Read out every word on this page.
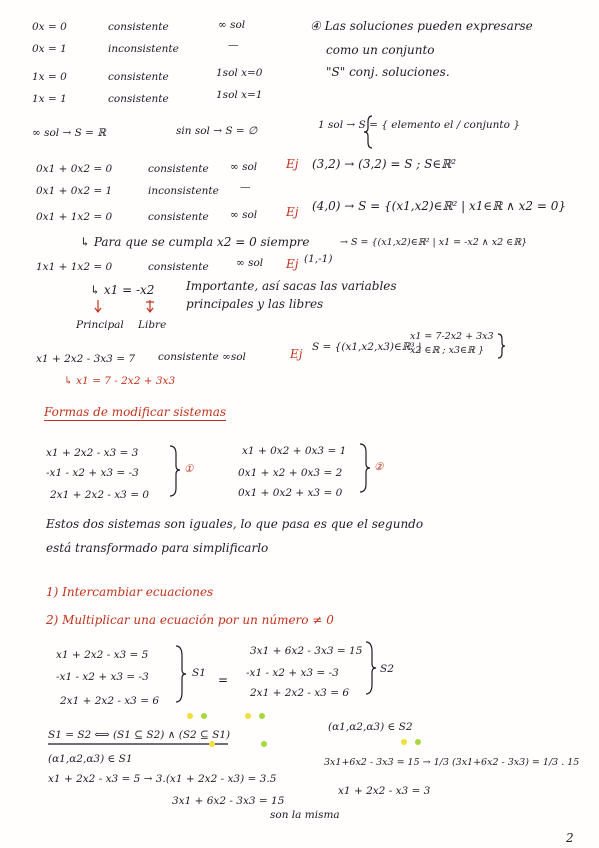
0x = 0	consistente	∞ sol
0x = 1	inconsistente	—
1x = 0	consistente	1sol x=0
1x = 1	consistente	1sol x=1
④ Las soluciones pueden expresarse
como un conjunto
"S" conj. soluciones.
∞ sol → S = ℝ	sin sol → S = ∅	1 sol → S = { elemento el / conjunto }
0x1 + 0x2 = 0	consistente ∞ sol Ej (3,2) → (3,2) = S ; S∈ℝ²
0x1 + 0x2 = 1	inconsistente —
0x1 + 1x2 = 0	consistente ∞ sol Ej (4,0) → S = {(x1,x2)∈ℝ² | x1∈ℝ ∧ x2 = 0}
↳ Para que se cumpla x2 = 0 siempre
1x1 + 1x2 = 0	consistente	∞ sol Ej (1,-1)
→ S = {(x1,x2)∈ℝ² | x1 = -x2 ∧ x2 ∈ℝ}
↳ x1 = -x2	Importante, así sacas las variables
principales y las libres
Principal Libre
x1 + 2x2 - 3x3 = 7 consistente ∞sol	Ej S = {(x1,x2,x3)∈ℝ³ |
x1 = 7-2x2 + 3x3
x2 ∈ℝ ; x3∈ℝ }
↳ x1 = 7 - 2x2 + 3x3
Formas de modificar sistemas
x1 + 2x2 - x3 = 3
-x1 - x2 + x3 = -3
2x1 + 2x2 - x3 = 0
①
x1 + 0x2 + 0x3 = 1
0x1 + x2 + 0x3 = 2
0x1 + 0x2 + x3 = 0
②
Estos dos sistemas son iguales, lo que pasa es que el segundo
está transformado para simplificarlo
1) Intercambiar ecuaciones
2) Multiplicar una ecuación por un número ≠ 0
x1 + 2x2 - x3 = 5
-x1 - x2 + x3 = -3
2x1 + 2x2 - x3 = 6
S1 =
3x1 + 6x2 - 3x3 = 15
-x1 - x2 + x3 = -3
2x1 + 2x2 - x3 = 6
S2
S1 = S2 ⟺ (S1 ⊆ S2) ∧ (S2 ⊆ S1)
(α1,α2,α3) ∈ S1
(α1,α2,α3) ∈ S2
x1 + 2x2 - x3 = 5 → 3.(x1 + 2x2 - x3) = 3.5
3x1+6x2 - 3x3 = 15 → 1/3 (3x1+6x2 - 3x3) = 1/3 . 15
3x1 + 6x2 - 3x3 = 15
x1 + 2x2 - x3 = 3
son la misma
2
